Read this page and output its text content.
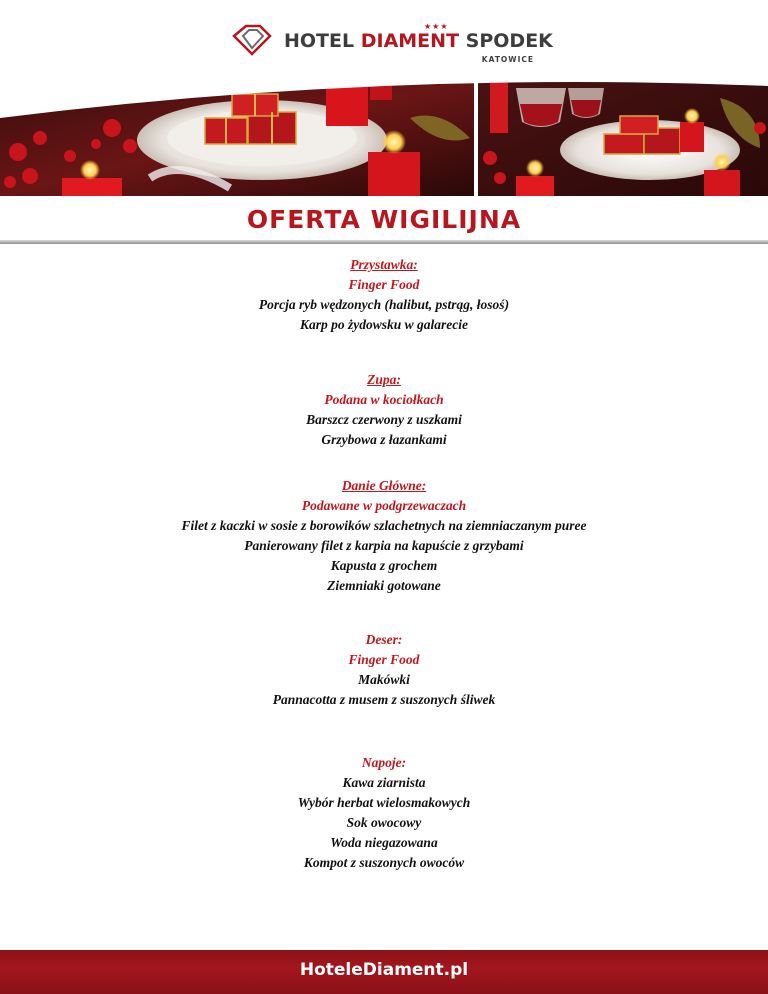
★★★
HOTEL DIAMENT SPODEK
KATOWICE
OFERTA WIGILIJNA
Przystawka:
Finger Food
Porcja ryb wędzonych (halibut, pstrąg, łosoś)
Karp po żydowsku w galarecie
Zupa:
Podana w kociołkach
Barszcz czerwony z uszkami
Grzybowa z łazankami
Danie Główne:
Podawane w podgrzewaczach
Filet z kaczki w sosie z borowików szlachetnych na ziemniaczanym puree
Panierowany filet z karpia na kapuście z grzybami
Kapusta z grochem
Ziemniaki gotowane
Deser:
Finger Food
Makówki
Pannacotta z musem z suszonych śliwek
Napoje:
Kawa ziarnista
Wybór herbat wielosmakowych
Sok owocowy
Woda niegazowana
Kompot z suszonych owoców
HoteleDiament.pl
